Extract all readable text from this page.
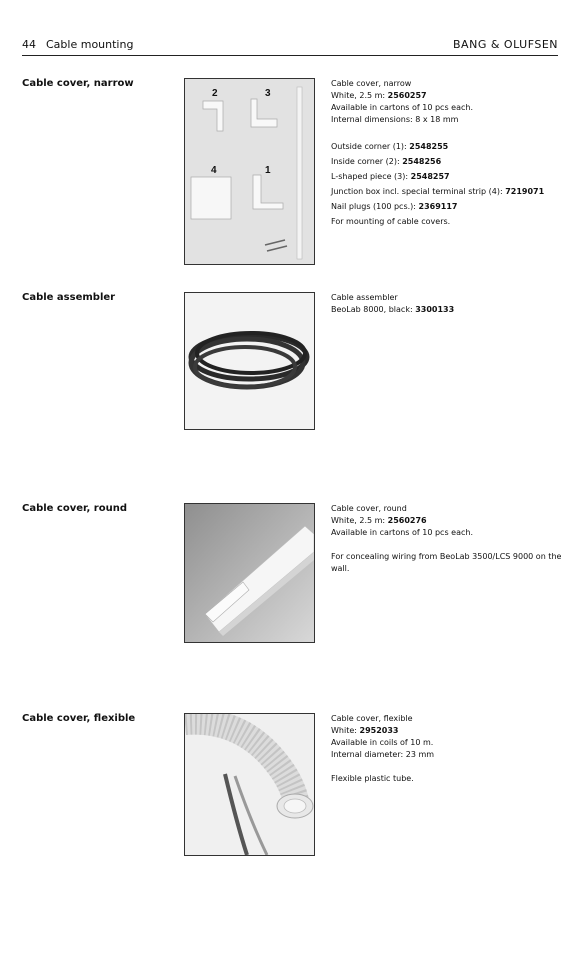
44 Cable mounting	BANG & OLUFSEN
Cable cover, narrow
2	3
4	1
Cable cover, narrow
White, 2.5 m: 2560257
Available in cartons of 10 pcs each.
Internal dimensions: 8 x 18 mm
Outside corner (1): 2548255
Inside corner (2): 2548256
L-shaped piece (3): 2548257
Junction box incl. special terminal strip (4): 7219071
Nail plugs (100 pcs.): 2369117
For mounting of cable covers.
Cable assembler	Cable assembler
BeoLab 8000, black: 3300133
Cable cover, round	Cable cover, round
White, 2.5 m: 2560276
Available in cartons of 10 pcs each.
For concealing wiring from BeoLab 3500/LCS 9000 on the wall.
Cable cover, flexible	Cable cover, flexible
White: 2952033
Available in coils of 10 m.
Internal diameter: 23 mm
Flexible plastic tube.
